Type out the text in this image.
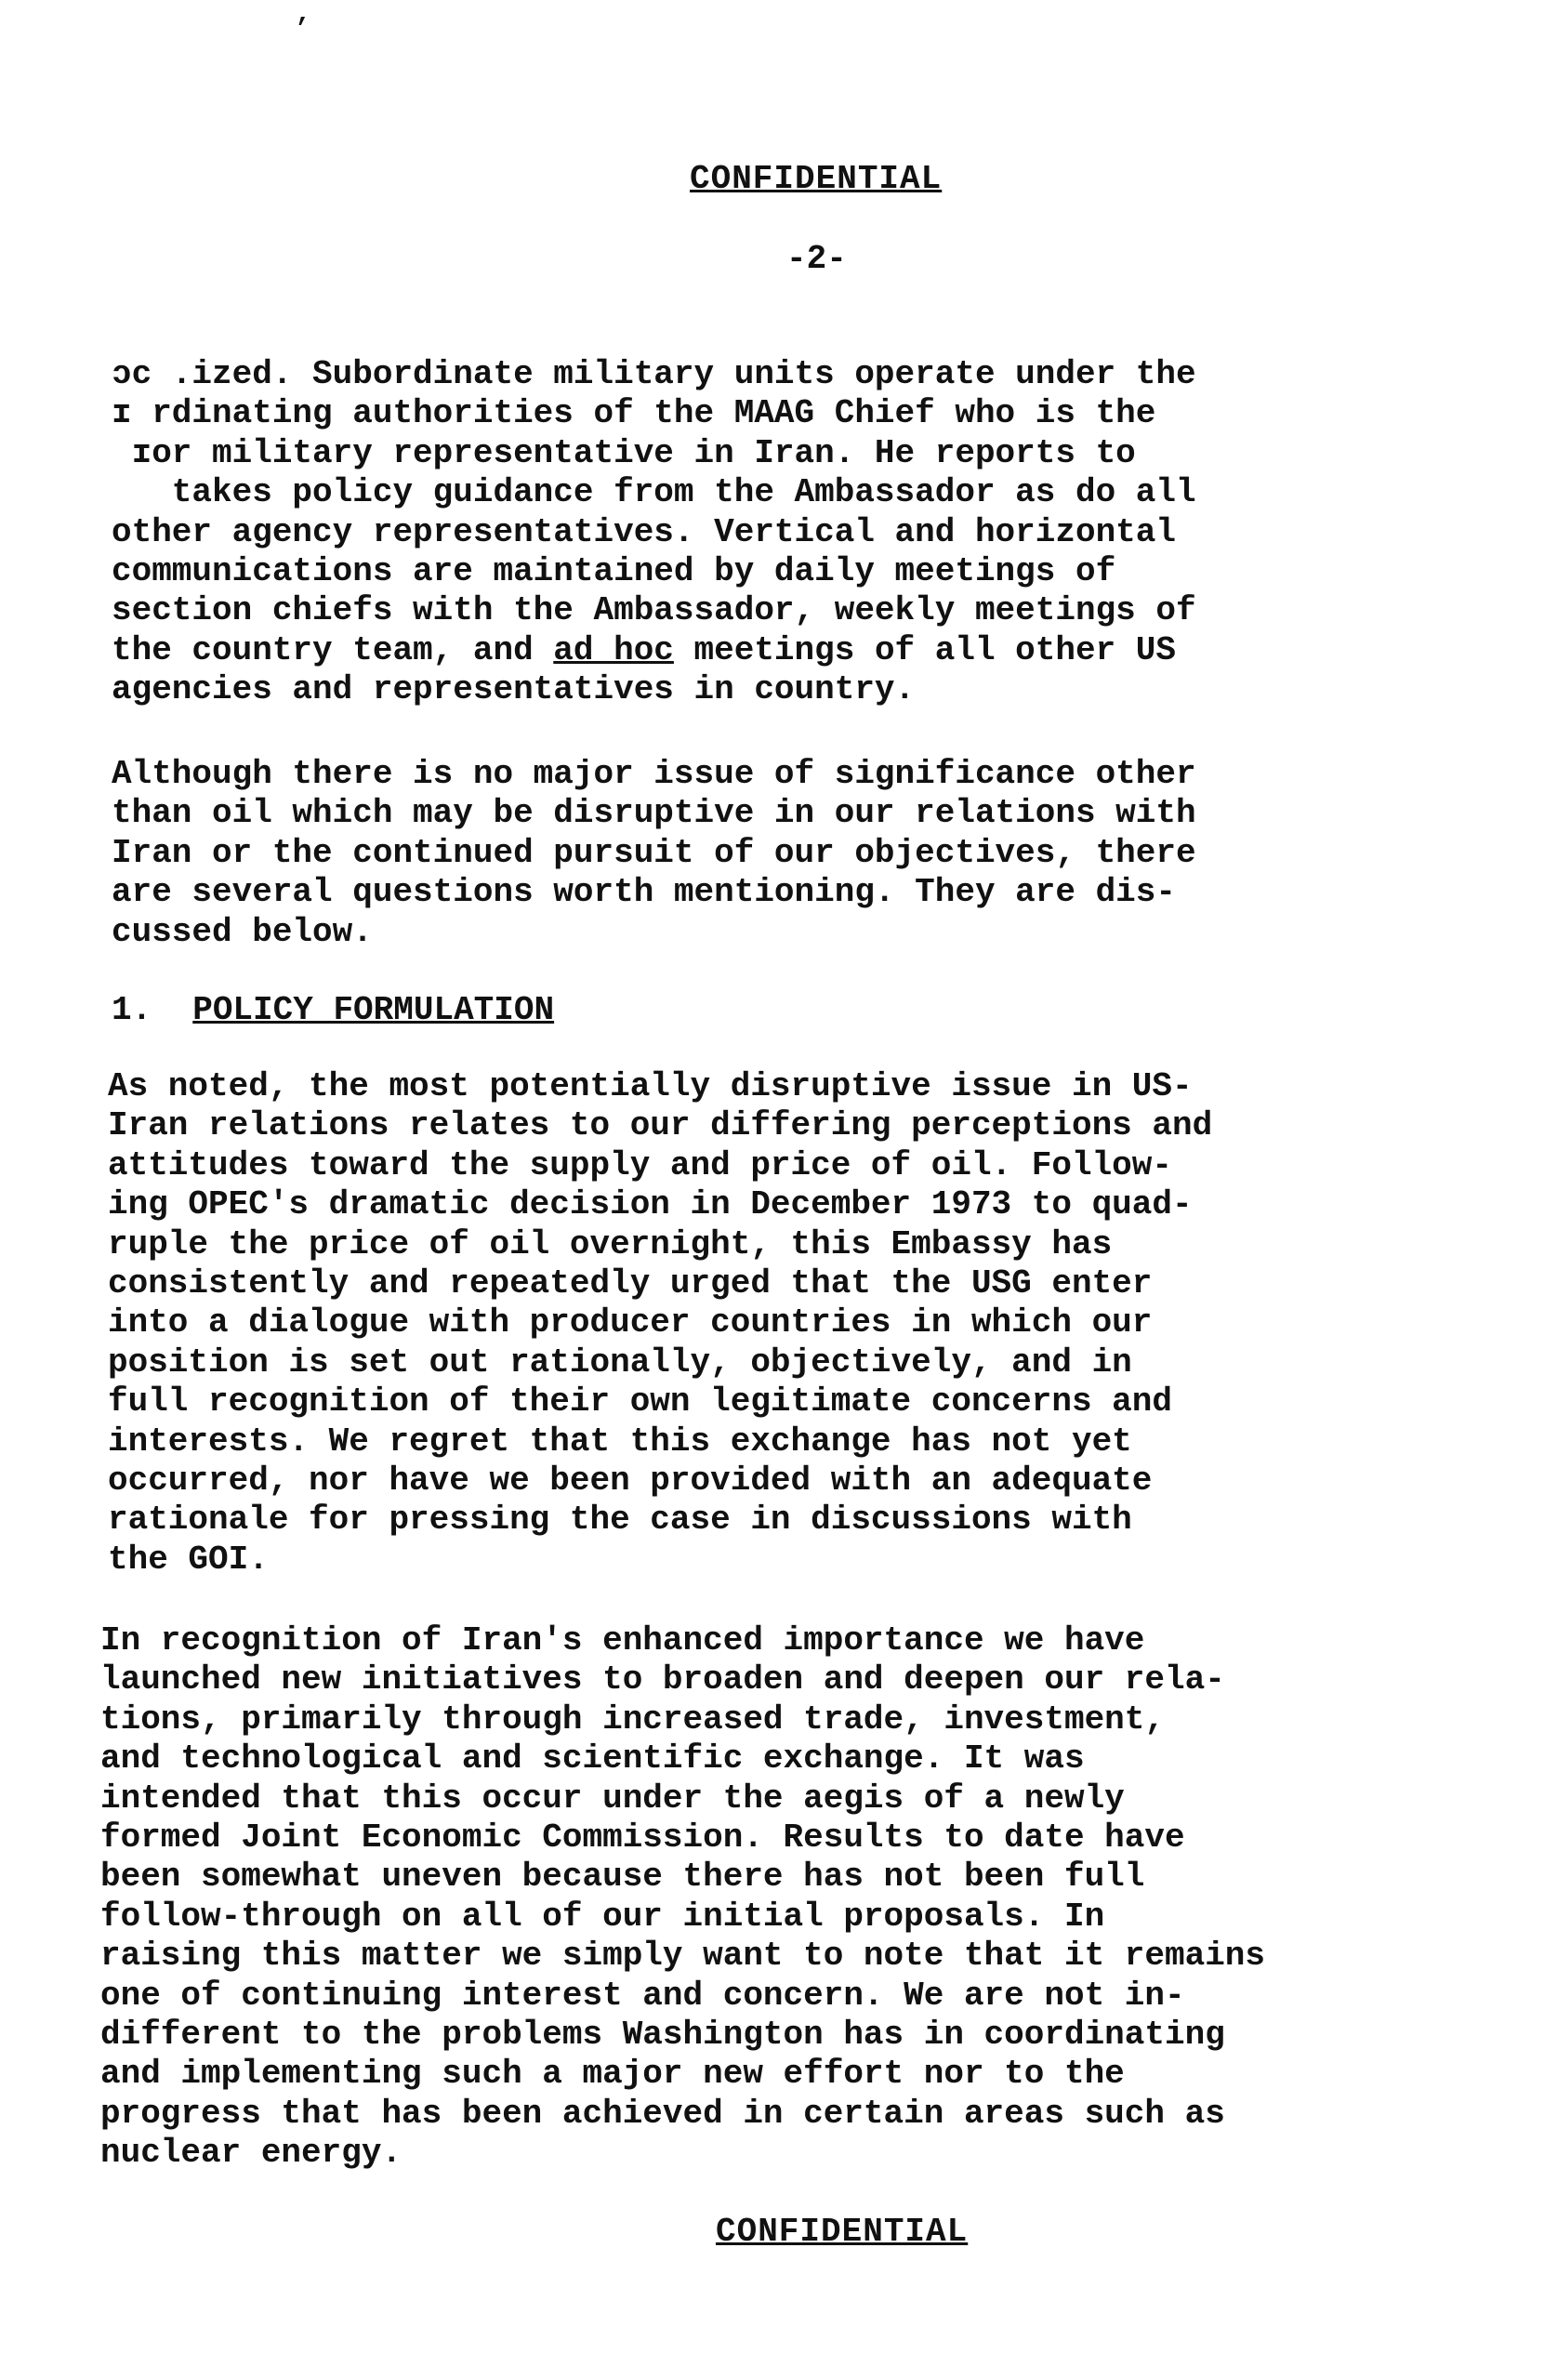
,
CONFIDENTIAL
-2-

ɔc .ized. Subordinate military units operate under the
ɪ rdinating authorities of the MAAG Chief who is the
ɪor military representative in Iran. He reports to
takes policy guidance from the Ambassador as do all
other agency representatives. Vertical and horizontal
communications are maintained by daily meetings of
section chiefs with the Ambassador, weekly meetings of
the country team, and ad hoc meetings of all other US
agencies and representatives in country.

Although there is no major issue of significance other
than oil which may be disruptive in our relations with
Iran or the continued pursuit of our objectives, there
are several questions worth mentioning. They are dis-
cussed below.

1. POLICY FORMULATION

As noted, the most potentially disruptive issue in US-
Iran relations relates to our differing perceptions and
attitudes toward the supply and price of oil. Follow-
ing OPEC's dramatic decision in December 1973 to quad-
ruple the price of oil overnight, this Embassy has
consistently and repeatedly urged that the USG enter
into a dialogue with producer countries in which our
position is set out rationally, objectively, and in
full recognition of their own legitimate concerns and
interests. We regret that this exchange has not yet
occurred, nor have we been provided with an adequate
rationale for pressing the case in discussions with
the GOI.

In recognition of Iran's enhanced importance we have
launched new initiatives to broaden and deepen our rela-
tions, primarily through increased trade, investment,
and technological and scientific exchange. It was
intended that this occur under the aegis of a newly
formed Joint Economic Commission. Results to date have
been somewhat uneven because there has not been full
follow-through on all of our initial proposals. In
raising this matter we simply want to note that it remains
one of continuing interest and concern. We are not in-
different to the problems Washington has in coordinating
and implementing such a major new effort nor to the
progress that has been achieved in certain areas such as
nuclear energy.

CONFIDENTIAL
